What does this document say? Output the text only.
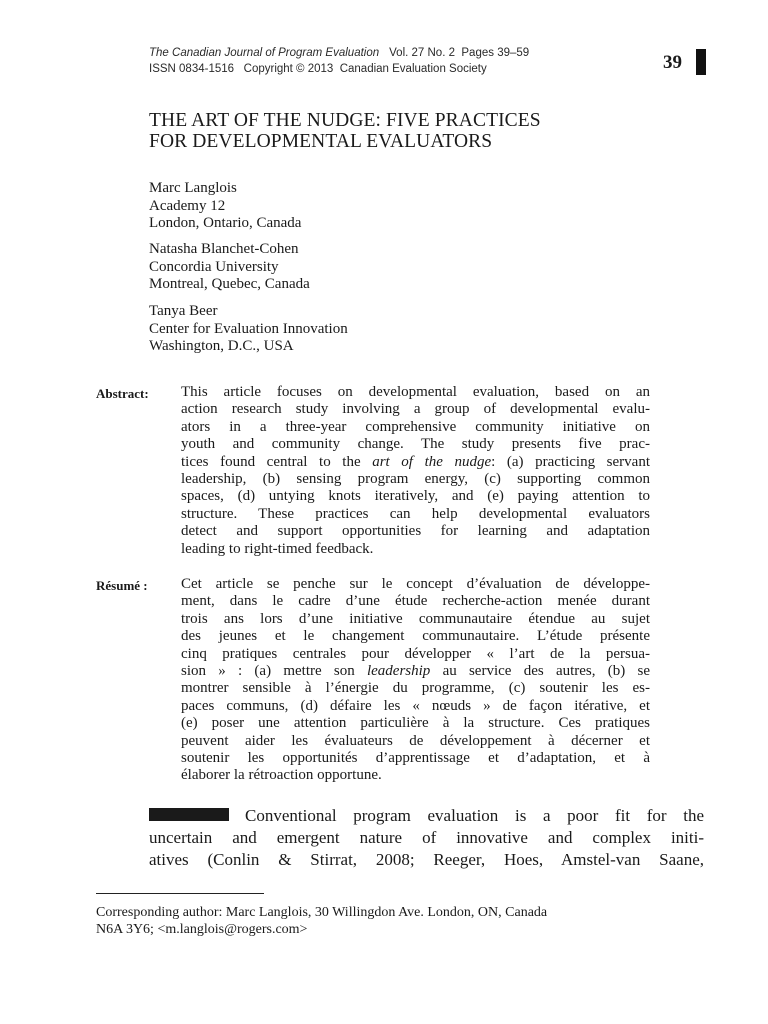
The Canadian Journal of Program Evaluation Vol. 27 No. 2 Pages 39–59
ISSN 0834-1516 Copyright © 2013 Canadian Evaluation Society	39
THE ART OF THE NUDGE: FIVE PRACTICES
FOR DEVELOPMENTAL EVALUATORS
Marc Langlois
Academy 12
London, Ontario, Canada
Natasha Blanchet-Cohen
Concordia University
Montreal, Quebec, Canada
Tanya Beer
Center for Evaluation Innovation
Washington, D.C., USA
Abstract: This article focuses on developmental evaluation, based on an
action research study involving a group of developmental evalu-
ators in a three-year comprehensive community initiative on
youth and community change. The study presents five prac-
tices found central to the art of the nudge: (a) practicing servant
leadership, (b) sensing program energy, (c) supporting common
spaces, (d) untying knots iteratively, and (e) paying attention to
structure. These practices can help developmental evaluators
detect and support opportunities for learning and adaptation
leading to right-timed feedback.
Résumé : Cet article se penche sur le concept d’évaluation de développe-
ment, dans le cadre d’une étude recherche-action menée durant
trois ans lors d’une initiative communautaire étendue au sujet
des jeunes et le changement communautaire. L’étude présente
cinq pratiques centrales pour développer « l’art de la persua-
sion » : (a) mettre son leadership au service des autres, (b) se
montrer sensible à l’énergie du programme, (c) soutenir les es-
paces communs, (d) défaire les « nœuds » de façon itérative, et
(e) poser une attention particulière à la structure. Ces pratiques
peuvent aider les évaluateurs de développement à décerner et
soutenir les opportunités d’apprentissage et d’adaptation, et à
élaborer la rétroaction opportune.
Conventional program evaluation is a poor fit for the
uncertain and emergent nature of innovative and complex initi-
atives (Conlin & Stirrat, 2008; Reeger, Hoes, Amstel-van Saane,
Corresponding author: Marc Langlois, 30 Willingdon Ave. London, ON, Canada
N6A 3Y6; <m.langlois@rogers.com>
